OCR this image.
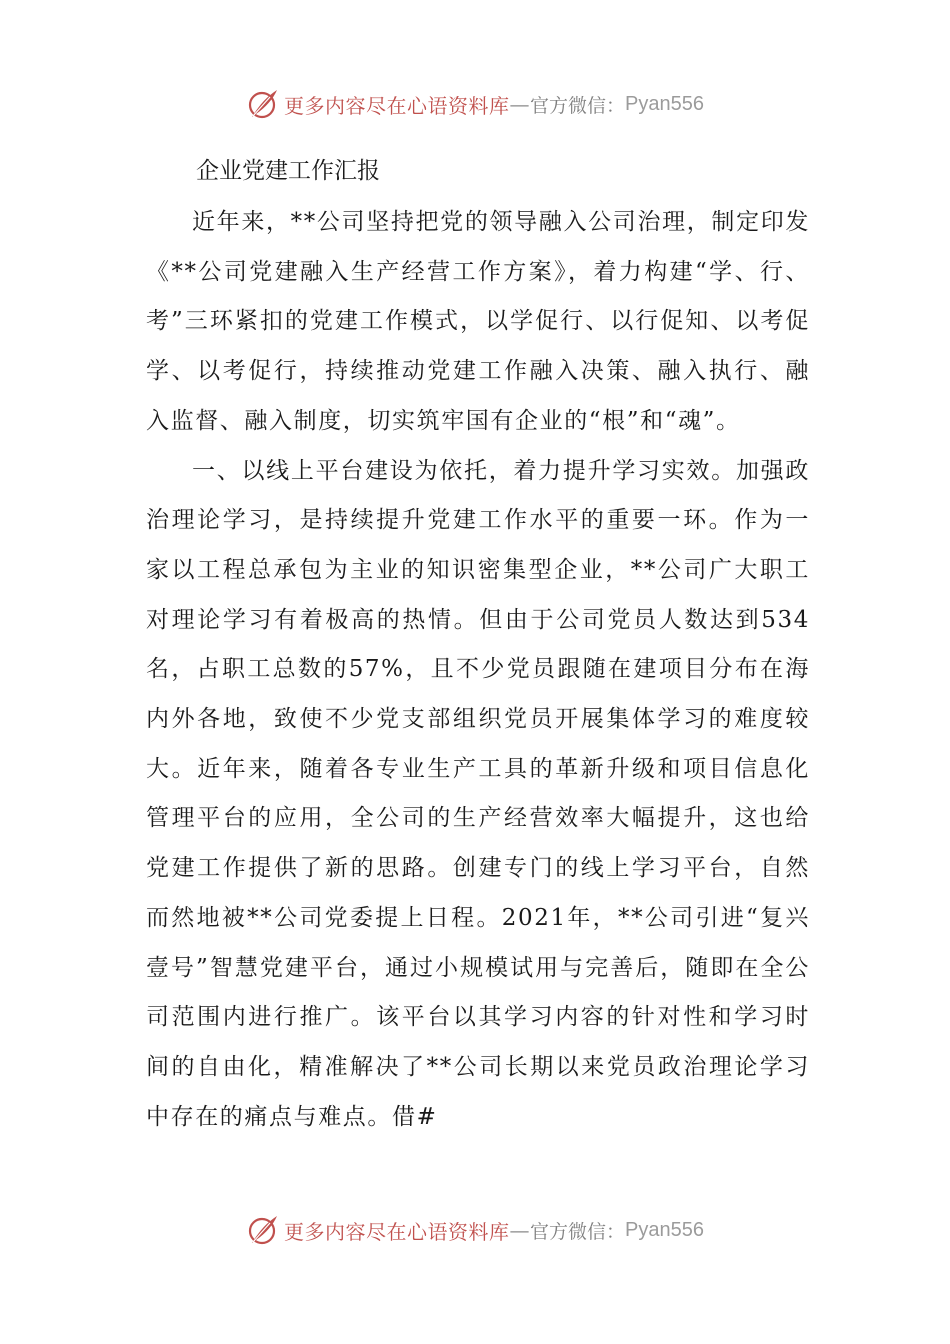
更多内容尽在心语资料库 — 官方微信： Pyan556
企业党建工作汇报

近年来，**公司坚持把党的领导融入公司治理，制定印发《**公司党建融入生产经营工作方案》，着力构建“学、行、考”三环紧扣的党建工作模式，以学促行、以行促知、以考促学、以考促行，持续推动党建工作融入决策、融入执行、融入监督、融入制度，切实筑牢国有企业的“根”和“魂”。

一、以线上平台建设为依托，着力提升学习实效。加强政治理论学习，是持续提升党建工作水平的重要一环。作为一家以工程总承包为主业的知识密集型企业，**公司广大职工对理论学习有着极高的热情。但由于公司党员人数达到534名，占职工总数的57%，且不少党员跟随在建项目分布在海内外各地，致使不少党支部组织党员开展集体学习的难度较大。近年来，随着各专业生产工具的革新升级和项目信息化管理平台的应用，全公司的生产经营效率大幅提升，这也给党建工作提供了新的思路。创建专门的线上学习平台，自然而然地被**公司党委提上日程。2021年，**公司引进“复兴壹号”智慧党建平台，通过小规模试用与完善后，随即在全公司范围内进行推广。该平台以其学习内容的针对性和学习时间的自由化，精准解决了**公司长期以来党员政治理论学习中存在的痛点与难点。借#

更多内容尽在心语资料库 — 官方微信： Pyan556
